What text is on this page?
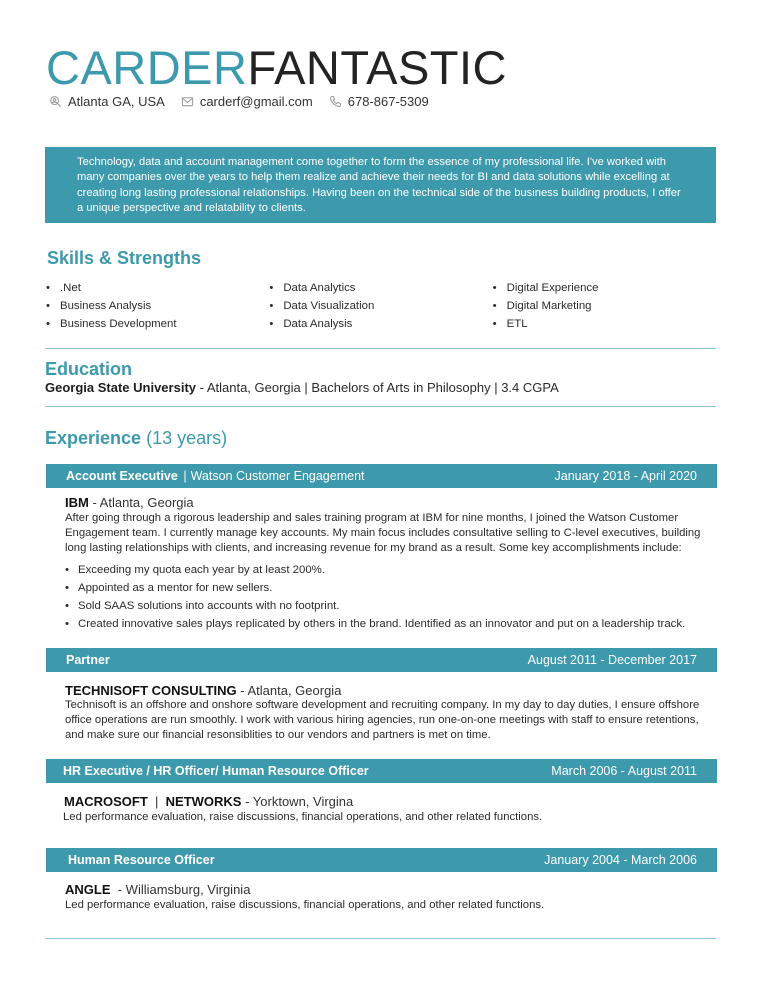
CARDERFANTASTIC
Atlanta GA, USA	carderf@gmail.com	678-867-5309
Technology, data and account management come together to form the essence of my professional life. I've worked with many companies over the years to help them realize and achieve their needs for BI and data solutions while excelling at creating long lasting professional relationships. Having been on the technical side of the business building products, I offer a unique perspective and relatability to clients.
Skills & Strengths
• .Net
• Business Analysis
• Business Development
• Data Analytics
• Data Visualization
• Data Analysis
• Digital Experience
• Digital Marketing
• ETL
Education
Georgia State University - Atlanta, Georgia | Bachelors of Arts in Philosophy | 3.4 CGPA
Experience (13 years)
Account Executive | Watson Customer Engagement	January 2018 - April 2020
IBM - Atlanta, Georgia
After going through a rigorous leadership and sales training program at IBM for nine months, I joined the Watson Customer Engagement team. I currently manage key accounts. My main focus includes consultative selling to C-level executives, building long lasting relationships with clients, and increasing revenue for my brand as a result. Some key accomplishments include:
• Exceeding my quota each year by at least 200%.
• Appointed as a mentor for new sellers.
• Sold SAAS solutions into accounts with no footprint.
• Created innovative sales plays replicated by others in the brand. Identified as an innovator and put on a leadership track.
Partner	August 2011 - December 2017
TECHNISOFT CONSULTING - Atlanta, Georgia
Technisoft is an offshore and onshore software development and recruiting company. In my day to day duties, I ensure offshore office operations are run smoothly. I work with various hiring agencies, run one-on-one meetings with staff to ensure retentions, and make sure our financial resonsiblities to our vendors and partners is met on time.
HR Executive / HR Officer/ Human Resource Officer	March 2006 - August 2011
MACROSOFT | NETWORKS - Yorktown, Virgina
Led performance evaluation, raise discussions, financial operations, and other related functions.
Human Resource Officer	January 2004 - March 2006
ANGLE  - Williamsburg, Virginia
Led performance evaluation, raise discussions, financial operations, and other related functions.
